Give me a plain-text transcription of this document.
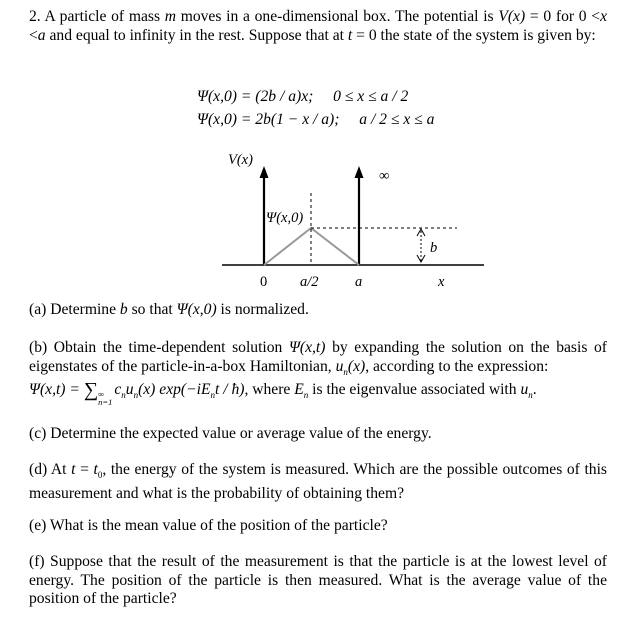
2. A particle of mass m moves in a one-dimensional box. The potential is V(x) = 0 for 0 <x <a and equal to infinity in the rest. Suppose that at t = 0 the state of the system is given by:

Ψ(x,0) = (2b / a)x; 0 ≤ x ≤ a / 2
Ψ(x,0) = 2b(1 − x / a); a / 2 ≤ x ≤ a
V(x)
∞
Ψ(x,0)
b
0 a/2	a	x

(a) Determine b so that Ψ(x,0) is normalized.

(b) Obtain the time-dependent solution Ψ(x,t) by expanding the solution on the basis of eigenstates of the particle-in-a-box Hamiltonian, $u_n(x)$, according to the expression:
Ψ(x,t) = ∑ ∞
n=1
$c_nu_n(x)$ $\exp(-iE_nt$ / ħ), where $E_n$ is the eigenvalue associated with $u_n$.

(c) Determine the expected value or average value of the energy.

(d) At $t = t_0$, the energy of the system is measured. Which are the possible outcomes of this measurement and what is the probability of obtaining them?

(e) What is the mean value of the position of the particle?

(f) Suppose that the result of the measurement is that the particle is at the lowest level of energy. The position of the particle is then measured. What is the average value of the position of the particle?
